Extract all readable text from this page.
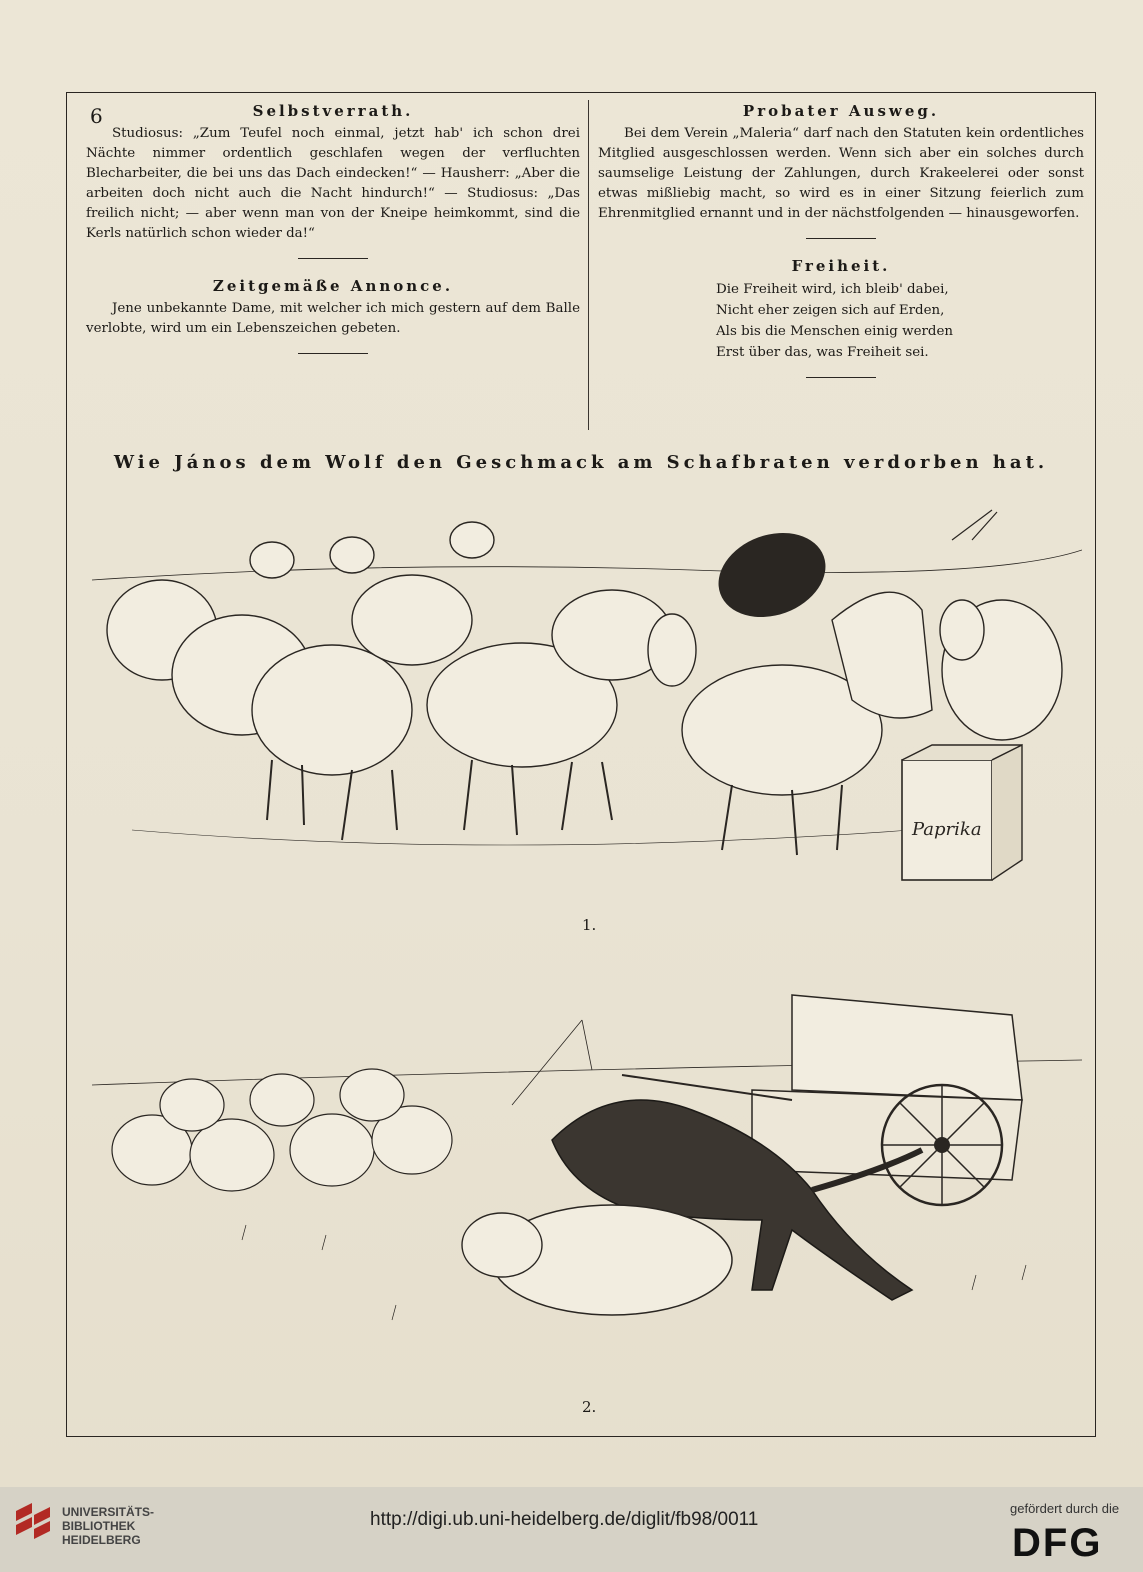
6	Selbstverrath.

Studiosus: „Zum Teufel noch einmal, jetzt hab' ich schon drei Nächte nimmer ordentlich geschlafen wegen der verfluchten Blecharbeiter, die bei uns das Dach eindecken!“ — Hausherr: „Aber die arbeiten doch nicht auch die Nacht hindurch!“ — Studiosus: „Das freilich nicht; — aber wenn man von der Kneipe heimkommt, sind die Kerls natürlich schon wieder da!“

Zeitgemäße Annonce.

Jene unbekannte Dame, mit welcher ich mich gestern auf dem Balle verlobte, wird um ein Lebenszeichen gebeten.

Probater Ausweg.

Bei dem Verein „Maleria“ darf nach den Statuten kein ordentliches Mitglied ausgeschlossen werden. Wenn sich aber ein solches durch saumselige Leistung der Zahlungen, durch Krakeelerei oder sonst etwas mißliebig macht, so wird es in einer Sitzung feierlich zum Ehrenmitglied ernannt und in der nächstfolgenden — hinausgeworfen.

Freiheit.
Die Freiheit wird, ich bleib' dabei,
Nicht eher zeigen sich auf Erden,
Als bis die Menschen einig werden
Erst über das, was Freiheit sei.
Wie János dem Wolf den Geschmack am Schafbraten verdorben hat.
Paprika
1.
2.
UNIVERSITÄTS-
BIBLIOTHEK
HEIDELBERG
http://digi.ub.uni-heidelberg.de/diglit/fb98/0011
gefördert durch die
DFG
